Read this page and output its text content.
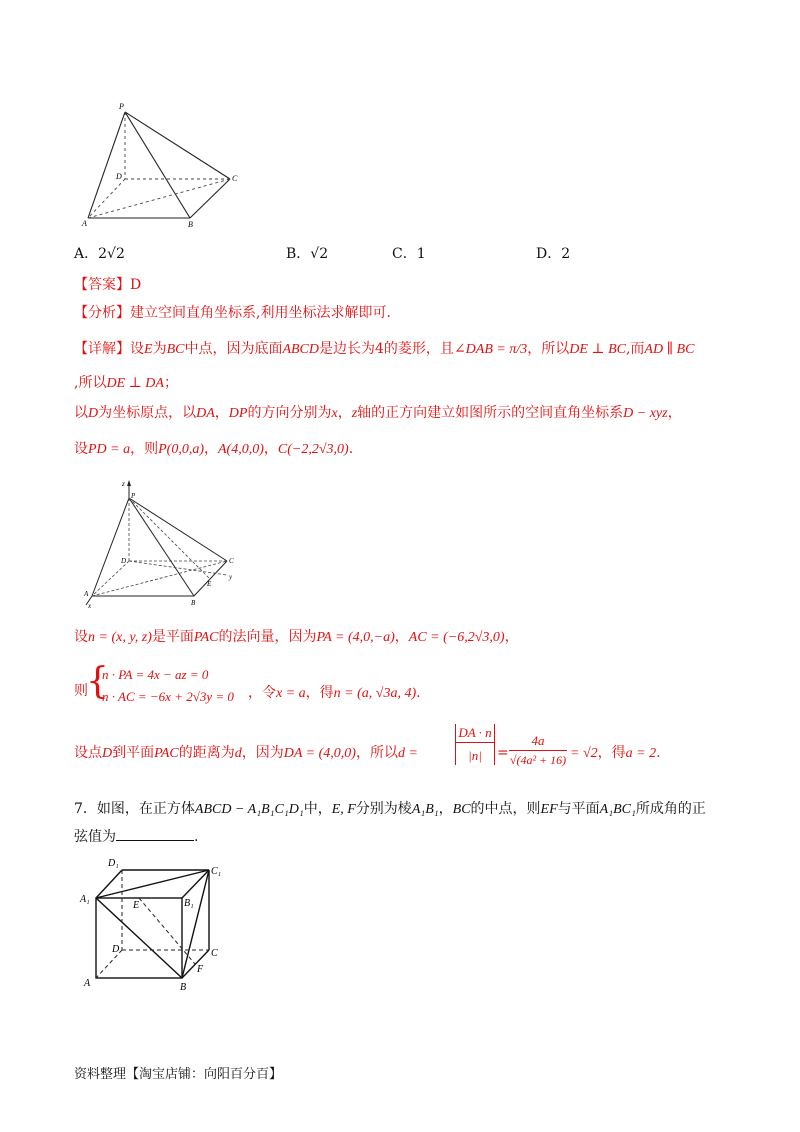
P
D	C
A	B
A．2√2	B．√2	C．1	D．2
【答案】D
【分析】建立空间直角坐标系,利用坐标法求解即可.
【详解】设E为BC中点，因为底面ABCD是边长为4的菱形，且∠DAB = π/3，所以DE ⊥ BC,而AD ∥ BC
,所以DE ⊥ DA；
以D为坐标原点，以DA，DP的方向分别为x，z轴的正方向建立如图所示的空间直角坐标系D − xyz，
设PD = a，则P(0,0,a)，A(4,0,0)，C(−2,2√3,0).
z
P
D	C
E
y
A
x	B
设n = (x, y, z)是平面PAC的法向量，因为PA = (4,0,−a)，AC = (−6,2√3,0)，
则
{
n · PA = 4x − az = 0
n · AC = −6x + 2√3y = 0 ，令x = a，得n = (a, √3a, 4).
设点D到平面PAC的距离为d，因为DA = (4,0,0)，所以d =
DA · n
|n|	=
4a
√(4a² + 16) = √2，得a = 2.
7．如图，在正方体ABCD − A₁B₁C₁D₁中，E, F分别为棱A₁B₁，BC的中点，则EF与平面A₁BC₁所成角的正
弦值为	.
D₁
C₁
A₁
E	B₁
D	C
F
A	B
资料整理【淘宝店铺：向阳百分百】
